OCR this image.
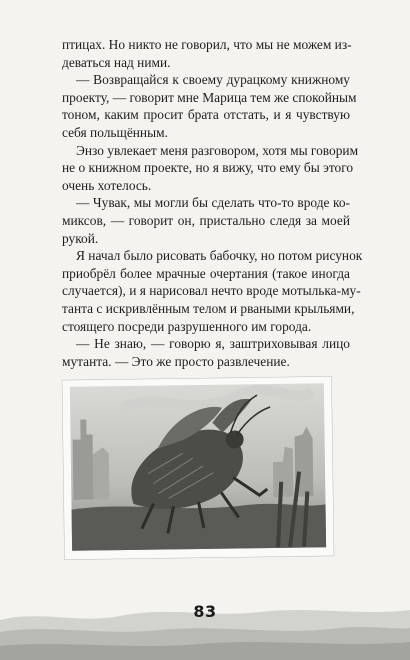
птицах. Но никто не говорил, что мы не можем из-
деваться над ними.
— Возвращайся к своему дурацкому книжному
проекту, — говорит мне Марица тем же спокойным
тоном, каким просит брата отстать, и я чувствую
себя польщённым.
Энзо увлекает меня разговором, хотя мы говорим
не о книжном проекте, но я вижу, что ему бы этого
очень хотелось.
— Чувак, мы могли бы сделать что-то вроде ко-
миксов, — говорит он, пристально следя за моей
рукой.
Я начал было рисовать бабочку, но потом рисунок
приобрёл более мрачные очертания (такое иногда
случается), и я нарисовал нечто вроде мотылька-му-
танта с искривлённым телом и рваными крыльями,
стоящего посреди разрушенного им города.
— Не знаю, — говорю я, заштриховывая лицо
мутанта. — Это же просто развлечение.
83
